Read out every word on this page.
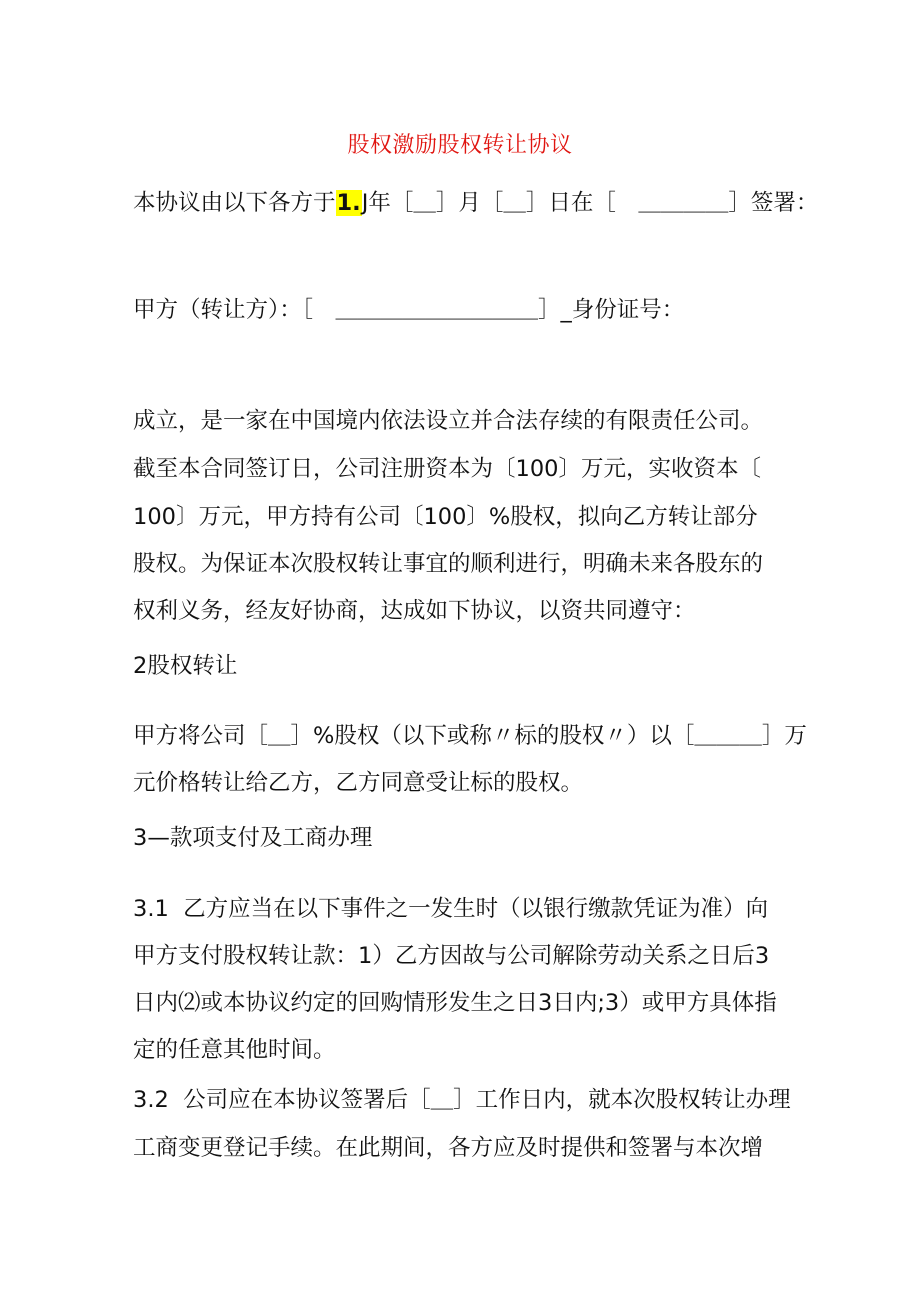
股权激励股权转让协议
本协议由以下各方于1.J年［＿］月［＿］日在［　＿＿＿＿］签署：
甲方（转让方）：［　＿＿＿＿＿＿＿＿＿］_身份证号：
成立，是一家在中国境内依法设立并合法存续的有限责任公司。
截至本合同签订日，公司注册资本为〔100〕万元，实收资本〔
100〕万元，甲方持有公司〔100〕%股权，拟向乙方转让部分
股权。为保证本次股权转让事宜的顺利进行，明确未来各股东的
权利义务，经友好协商，达成如下协议，以资共同遵守：
2股权转让
甲方将公司［＿］%股权（以下或称〃标的股权〃）以［＿＿＿］万
元价格转让给乙方，乙方同意受让标的股权。
3—款项支付及工商办理
3.1  乙方应当在以下事件之一发生时（以银行缴款凭证为准）向
甲方支付股权转让款：1）乙方因故与公司解除劳动关系之日后3
日内⑵或本协议约定的回购情形发生之日3日内;3）或甲方具体指
定的任意其他时间。
3.2  公司应在本协议签署后［＿］工作日内，就本次股权转让办理
工商变更登记手续。在此期间，各方应及时提供和签署与本次增
